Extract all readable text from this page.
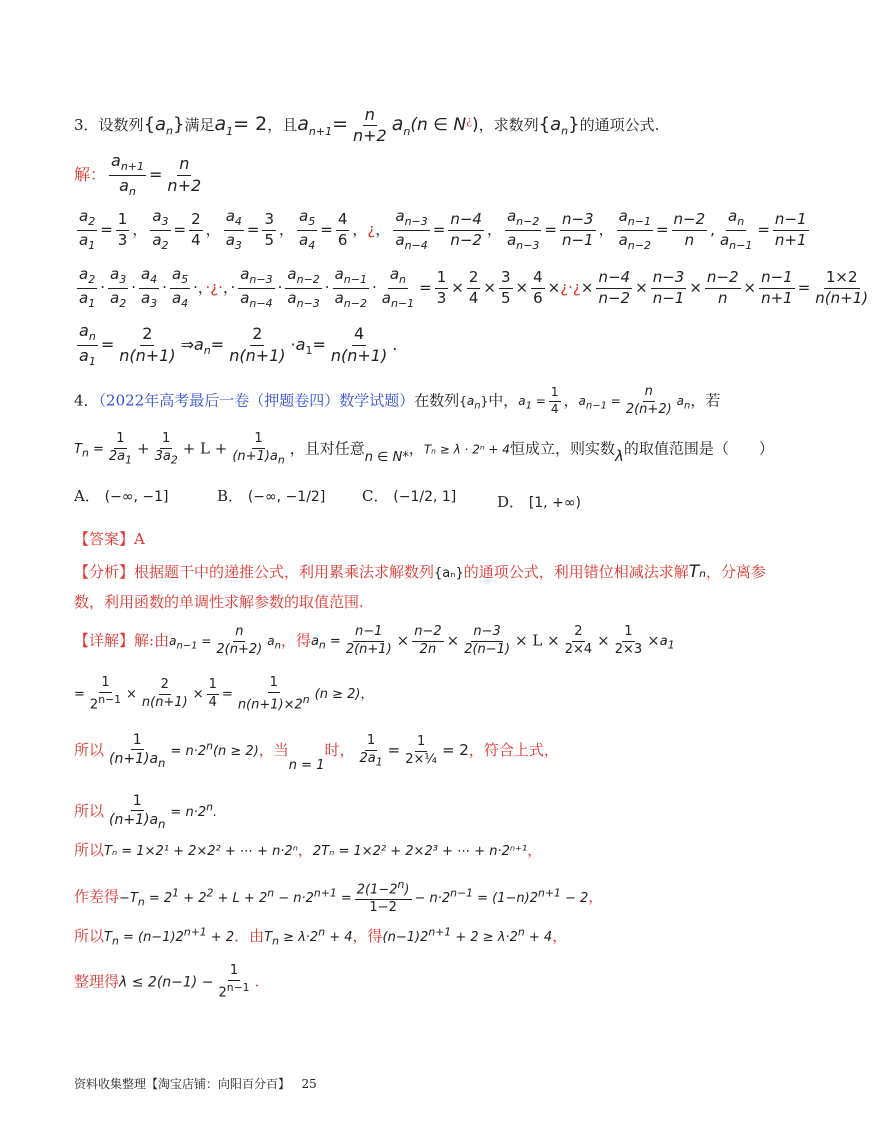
3．设数列$\{a_n\}$满足$a_1= 2$，且$a_{n+1}= \frac{n}{n+2} a_n(n$ ∈ N¿)，求数列$\{a_n\}$的通项公式.
解： $\frac{a_{n+1}}{a_n} = \frac{n}{n+2}$
$\frac{a_2}{a_1} = \frac{1}{3}$ ， $\frac{a_3}{a_2} = \frac{2}{4}$ ， $\frac{a_4}{a_3} = \frac{3}{5}$ ， $\frac{a_5}{a_4} = \frac{4}{6}$ ，¿， $\frac{a_{n-3}}{a_{n-4}} = \frac{n-4}{n-2}$ ， $\frac{a_{n-2}}{a_{n-3}} = \frac{n-3}{n-1}$ ， $\frac{a_{n-1}}{a_{n-2}} = \frac{n-2}{n}$ , $\frac{a_n}{a_{n-1}} = \frac{n-1}{n+1}$
$\frac{a_2}{a_1} \cdot \frac{a_3}{a_2} \cdot \frac{a_4}{a_3} \cdot \frac{a_5}{a_4}$ ·，·¿·，· $\frac{a_{n-3}}{a_{n-4}} \cdot \frac{a_{n-2}}{a_{n-3}} \cdot \frac{a_{n-1}}{a_{n-2}} \cdot \frac{a_n}{a_{n-1}} = \frac{1}{3} \times \frac{2}{4} \times \frac{3}{5} \times \frac{4}{6}$ ×¿·¿× $\frac{n-4}{n-2} \times \frac{n-3}{n-1} \times \frac{n-2}{n} \times \frac{n-1}{n+1} = \frac{1\times 2}{n(n+1)}$
$\frac{a_n}{a_1} = \frac{2}{n(n+1)}$ $\Rightarrow a_n= \frac{2}{n(n+1)} \cdot a_1= \frac{4}{n(n+1)}$ .
4．（2022年高考最后一卷（押题卷四）数学试题）在数列$\{a_n\}$中，$a_1 = \frac{1}{4}$ ，$a_{n-1} = \frac{n}{2(n+2)} a_n$，若
$T_n = \frac{1}{2a_1} + \frac{1}{3a_2} + L + \frac{1}{(n+1)a_n}$ ，且对任意n ∈ N*，Tₙ ≥ λ · 2ⁿ + 4恒成立，则实数λ的取值范围是（　　）
A． (−∞, −1]	B． (−∞, −1/2] C． (−1/2, 1]	D． [1, +∞)
【答案】A
【分析】根据题干中的递推公式，利用累乘法求解数列{aₙ}的通项公式，利用错位相减法求解Tₙ，分离参
数，利用函数的单调性求解参数的取值范围.
【详解】解:由$a_{n-1} = \frac{n}{2(n+2)} a_n$，得$a_n = \frac{n-1}{2(n+1)} \times \frac{n-2}{2n} \times \frac{n-3}{2(n-1)} \times L \times \frac{2}{2\times 4} \times \frac{1}{2\times 3} \times a_1$
= $\frac{1}{2^{n-1}} \times \frac{2}{n(n+1)} \times \frac{1}{4} = \frac{1}{n(n+1)\times 2^n} (n \ge 2)$，
所以 $\frac{1}{(n+1)a_n} = n\cdot 2^n(n \ge 2)$，当n = 1时， $\frac{1}{2a_1} = \frac{1}{\text{2×¼}} = 2$，符合上式，
所以 $\frac{1}{(n+1)a_n} = n\cdot 2^n$.
所以Tₙ = 1×2¹ + 2×2² + ⋯ + n·2ⁿ，2Tₙ = 1×2² + 2×2³ + ⋯ + n·2ⁿ⁺¹，
作差得$-T_n = 2^1 + 2^2 + L + 2^n - n\cdot 2^{n+1} = \frac{2(1-2^n)}{1-2} - n\cdot 2^{n-1} = (1-n)2^{n+1} - 2$，
所以$T_n = (n-1)2^{n+1} + 2$．由$T_n \ge \lambda\cdot 2^n + 4$，得$(n-1)2^{n+1} + 2 \ge \lambda\cdot 2^n + 4$，
整理得$\lambda \le 2(n-1) - \frac{1}{2^{n-1}}$ .
资料收集整理【淘宝店铺：向阳百分百】 25
